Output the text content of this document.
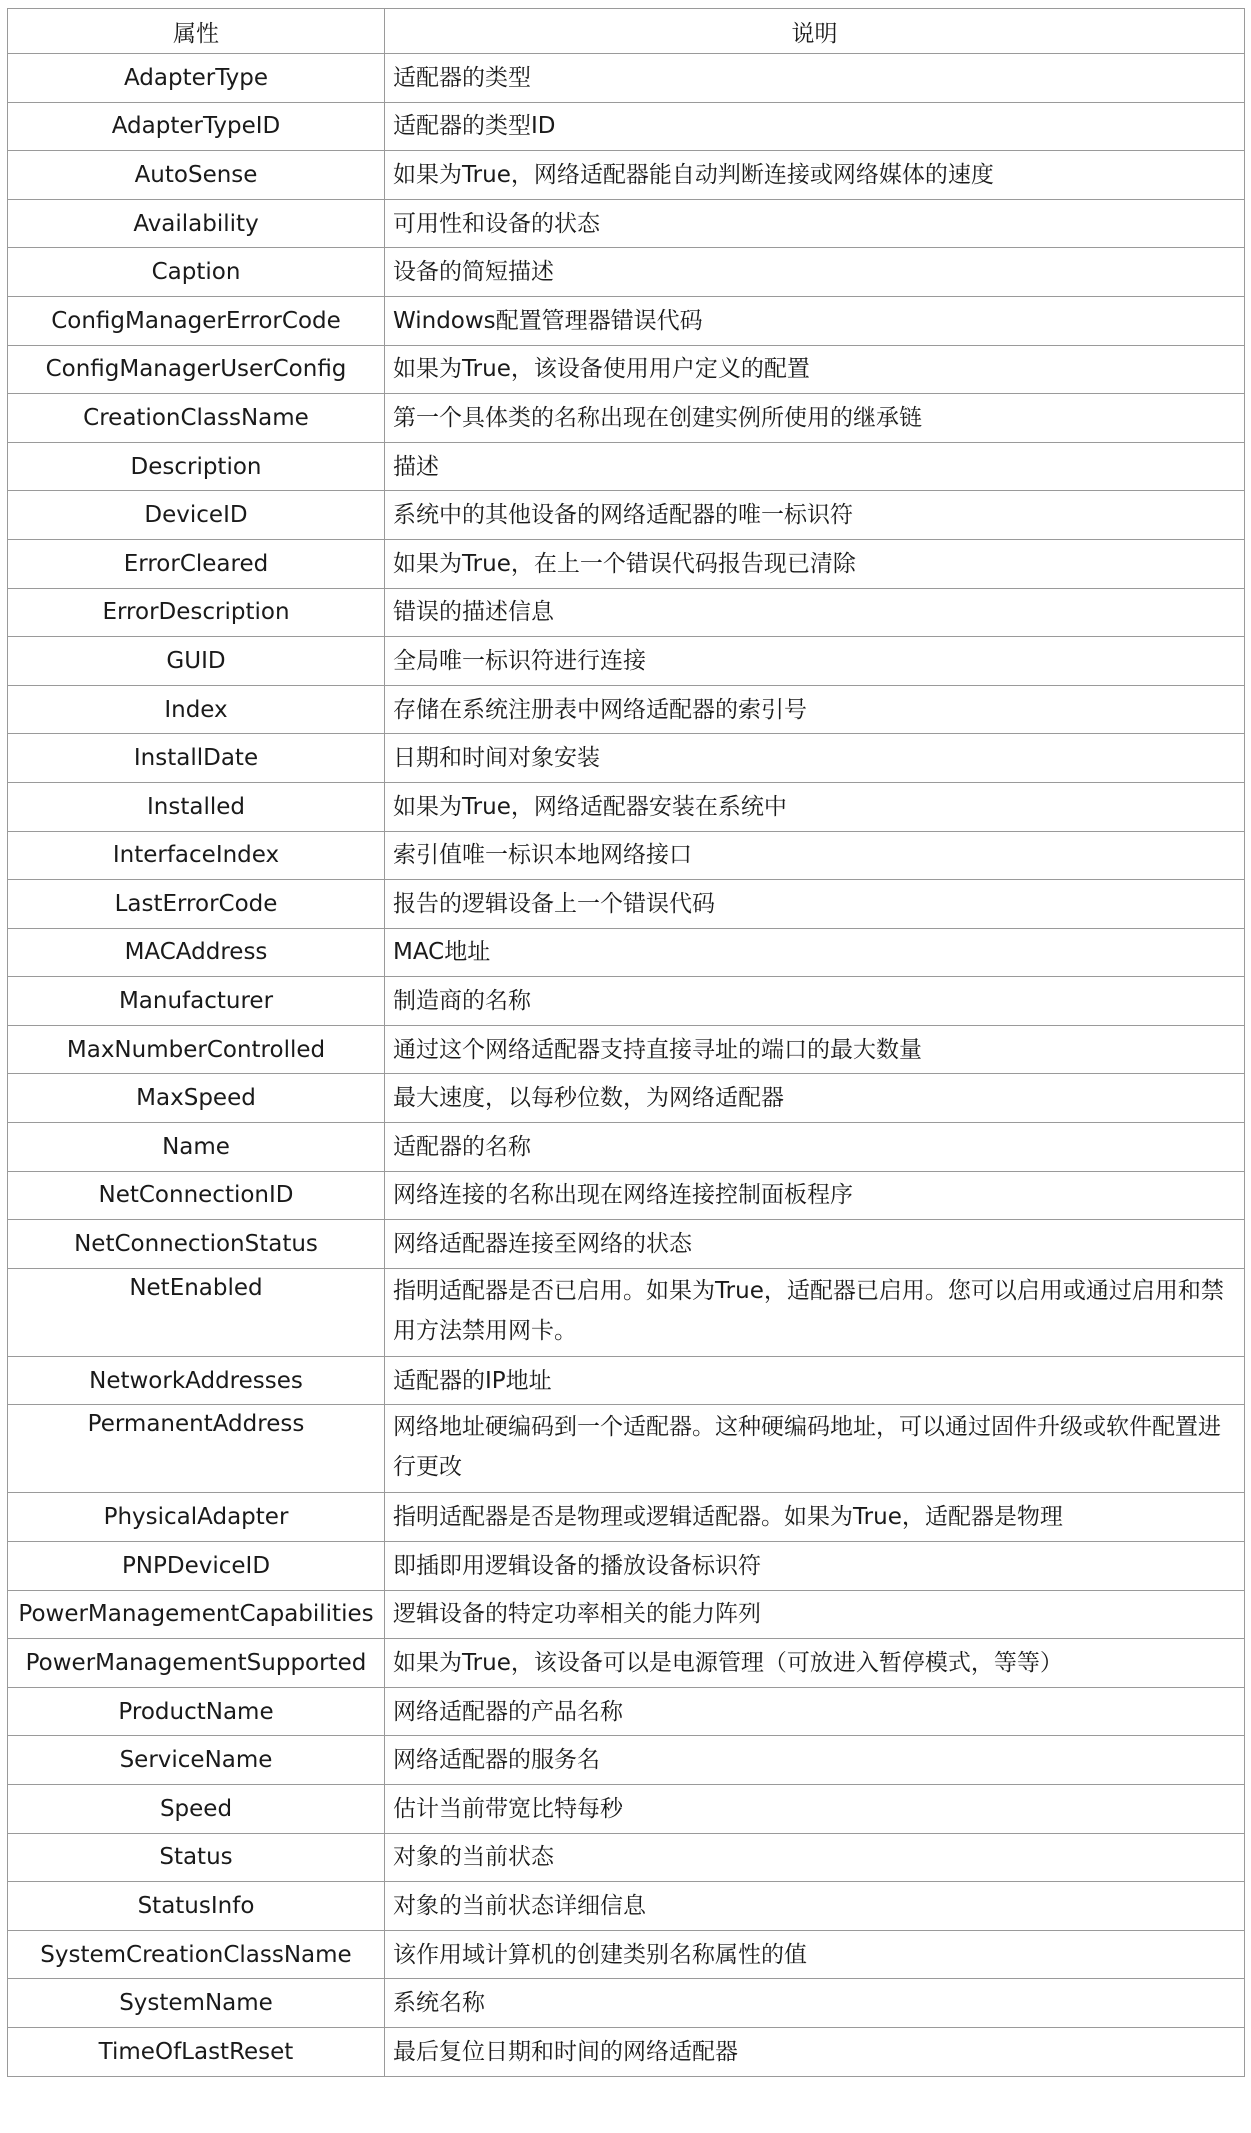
属性	说明
AdapterType	适配器的类型
AdapterTypeID	适配器的类型ID
AutoSense	如果为True，网络适配器能自动判断连接或网络媒体的速度
Availability	可用性和设备的状态
Caption	设备的简短描述
ConfigManagerErrorCode	Windows配置管理器错误代码
ConfigManagerUserConfig	如果为True，该设备使用用户定义的配置
CreationClassName	第一个具体类的名称出现在创建实例所使用的继承链
Description	描述
DeviceID	系统中的其他设备的网络适配器的唯一标识符
ErrorCleared	如果为True，在上一个错误代码报告现已清除
ErrorDescription	错误的描述信息
GUID	全局唯一标识符进行连接
Index	存储在系统注册表中网络适配器的索引号
InstallDate	日期和时间对象安装
Installed	如果为True，网络适配器安装在系统中
InterfaceIndex	索引值唯一标识本地网络接口
LastErrorCode	报告的逻辑设备上一个错误代码
MACAddress	MAC地址
Manufacturer	制造商的名称
MaxNumberControlled	通过这个网络适配器支持直接寻址的端口的最大数量
MaxSpeed	最大速度，以每秒位数，为网络适配器
Name	适配器的名称
NetConnectionID	网络连接的名称出现在网络连接控制面板程序
NetConnectionStatus	网络适配器连接至网络的状态
NetEnabled	指明适配器是否已启用。如果为True，适配器已启用。您可以启用或通过启用和禁用方法禁用网卡。
NetworkAddresses	适配器的IP地址
PermanentAddress	网络地址硬编码到一个适配器。这种硬编码地址，可以通过固件升级或软件配置进行更改
PhysicalAdapter	指明适配器是否是物理或逻辑适配器。如果为True，适配器是物理
PNPDeviceID	即插即用逻辑设备的播放设备标识符
PowerManagementCapabilities	逻辑设备的特定功率相关的能力阵列
PowerManagementSupported	如果为True，该设备可以是电源管理（可放进入暂停模式，等等）
ProductName	网络适配器的产品名称
ServiceName	网络适配器的服务名
Speed	估计当前带宽比特每秒
Status	对象的当前状态
StatusInfo	对象的当前状态详细信息
SystemCreationClassName	该作用域计算机的创建类别名称属性的值
SystemName	系统名称
TimeOfLastReset	最后复位日期和时间的网络适配器
